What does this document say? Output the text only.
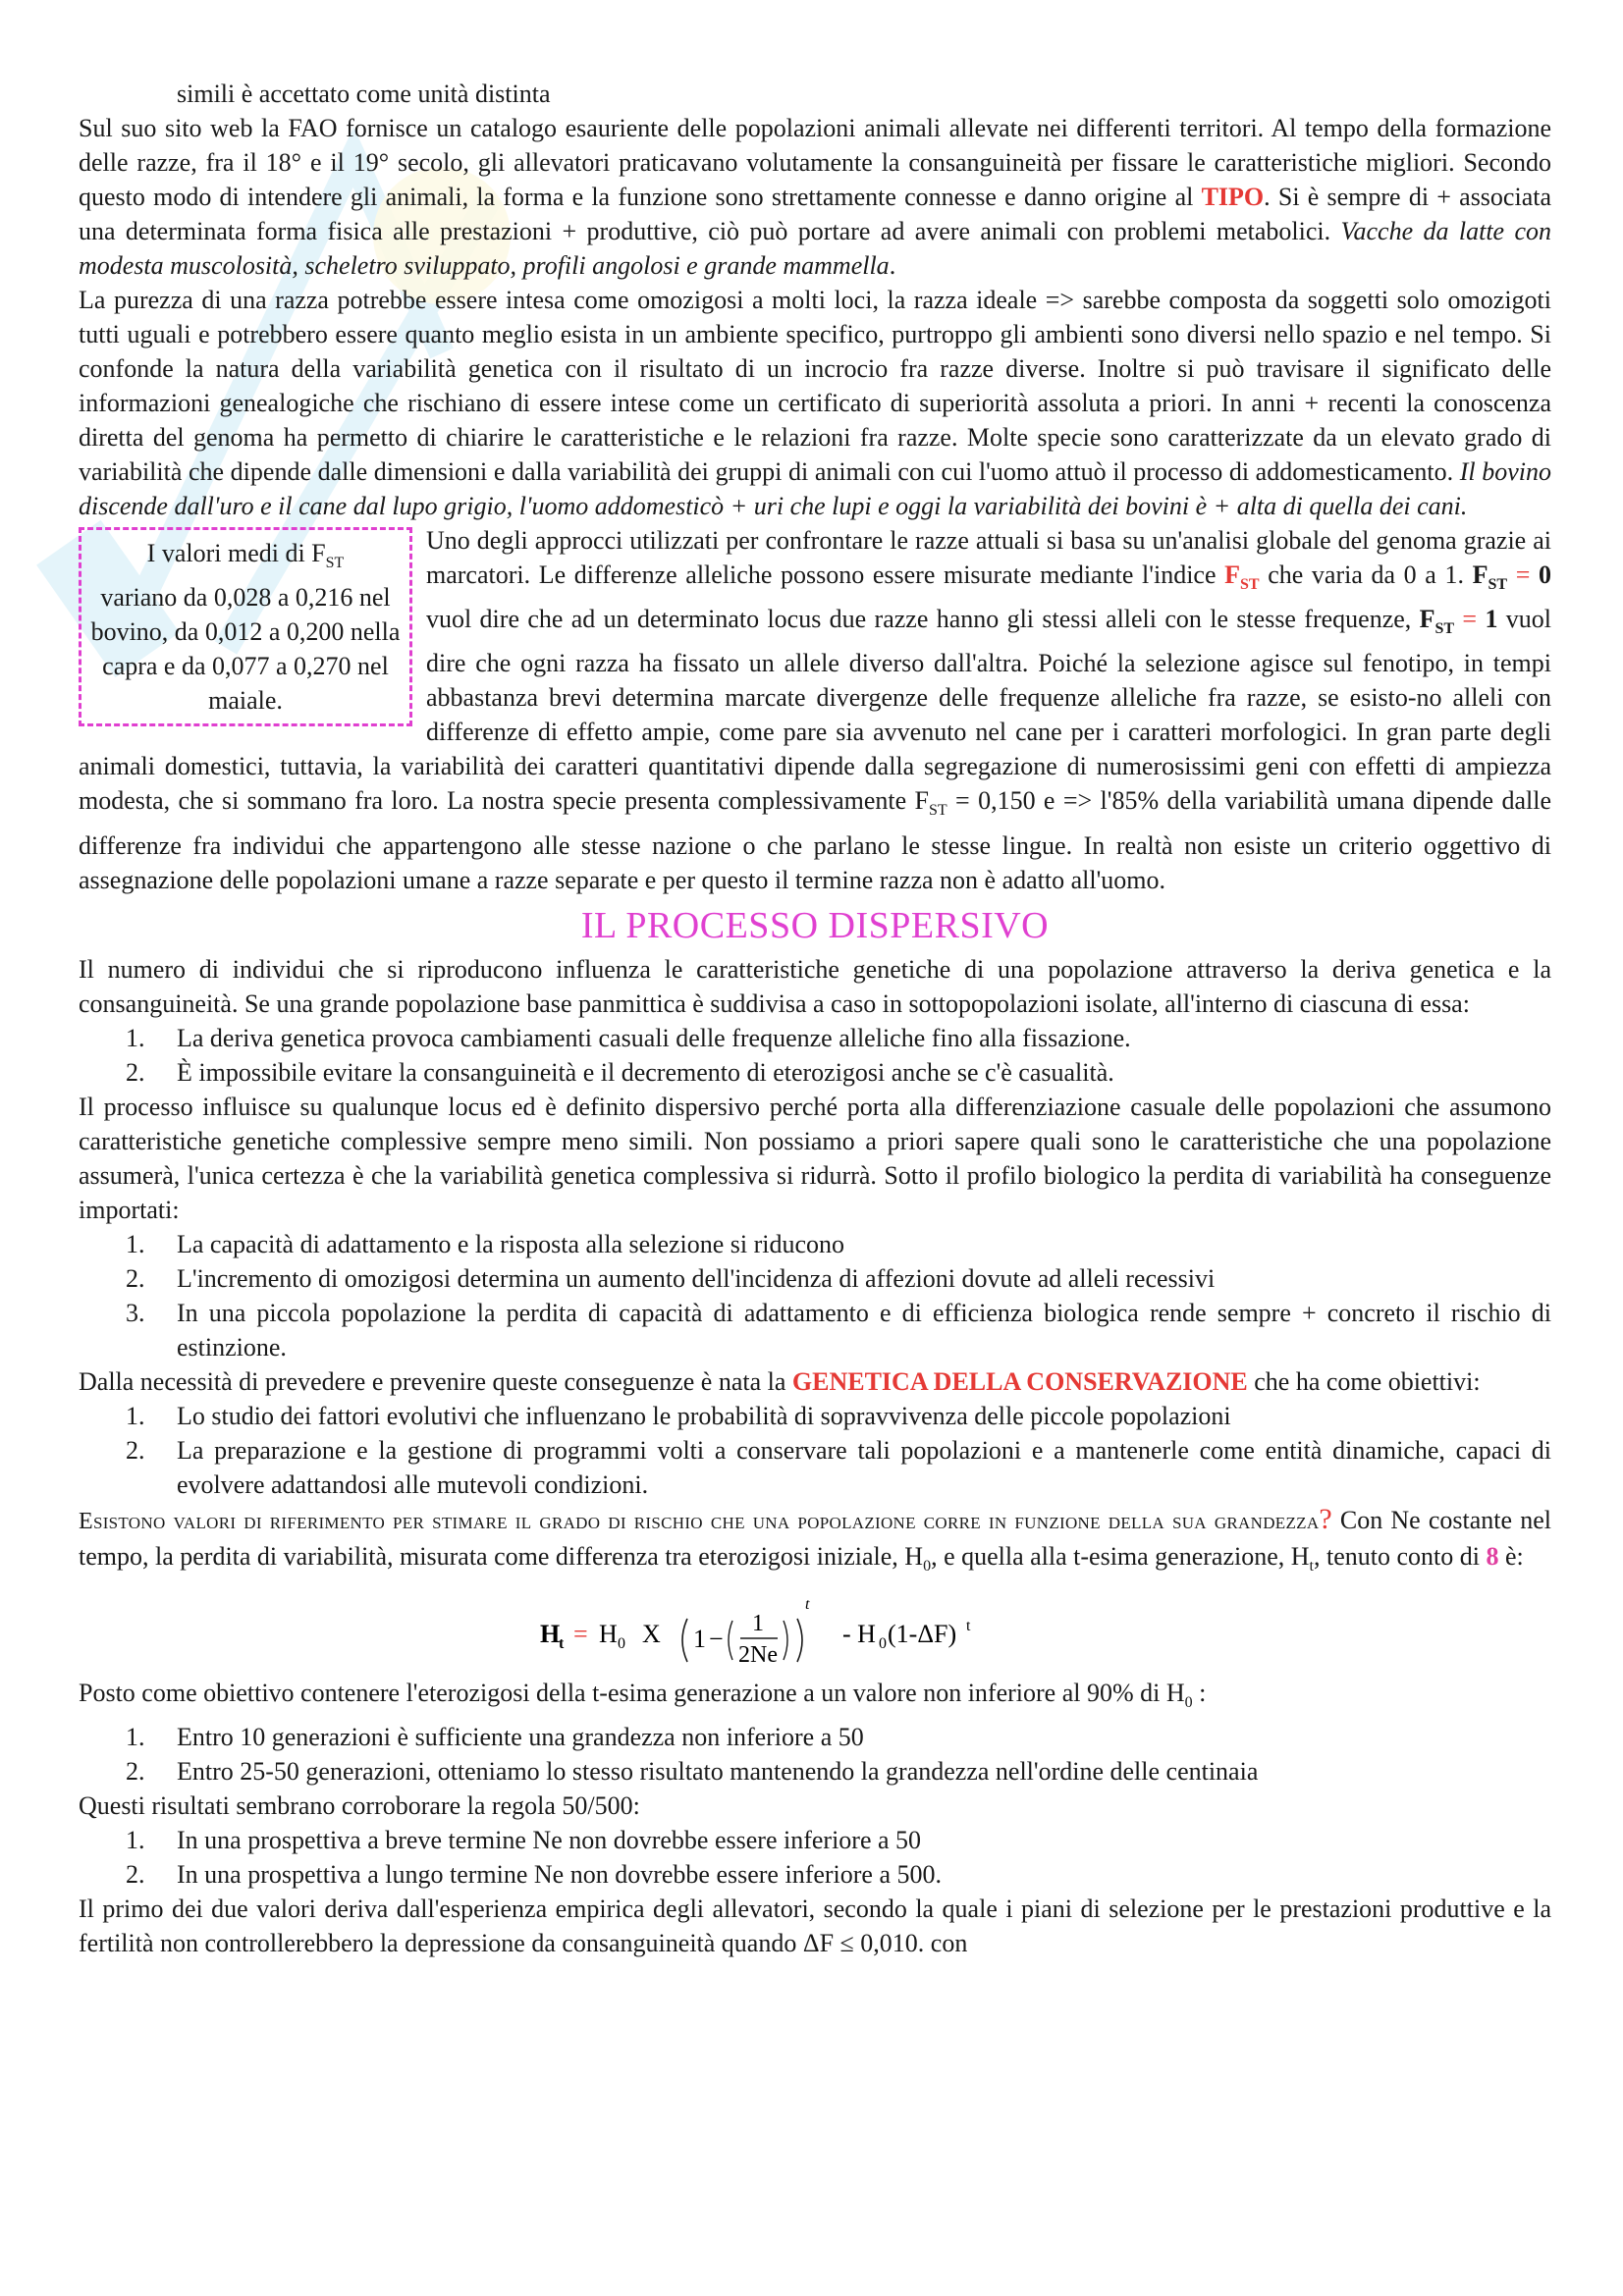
simili è accettato come unità distinta

Sul suo sito web la FAO fornisce un catalogo esauriente delle popolazioni animali allevate nei differenti territori. Al tempo della formazione delle razze, fra il 18° e il 19° secolo, gli allevatori praticavano volutamente la consanguineità per fissare le caratteristiche migliori. Secondo questo modo di intendere gli animali, la forma e la funzione sono strettamente connesse e danno origine al TIPO. Si è sempre di + associata una determinata forma fisica alle prestazioni + produttive, ciò può portare ad avere animali con problemi metabolici. Vacche da latte con modesta muscolosità, scheletro sviluppato, profili angolosi e grande mammella.

La purezza di una razza potrebbe essere intesa come omozigosi a molti loci, la razza ideale => sarebbe composta da soggetti solo omozigoti tutti uguali e potrebbero essere quanto meglio esista in un ambiente specifico, purtroppo gli ambienti sono diversi nello spazio e nel tempo. Si confonde la natura della variabilità genetica con il risultato di un incrocio fra razze diverse. Inoltre si può travisare il significato delle informazioni genealogiche che rischiano di essere intese come un certificato di superiorità assoluta a priori. In anni + recenti la conoscenza diretta del genoma ha permetto di chiarire le caratteristiche e le relazioni fra razze. Molte specie sono caratterizzate da un elevato grado di variabilità che dipende dalle dimensioni e dalla variabilità dei gruppi di animali con cui l'uomo attuò il processo di addomesticamento. Il bovino discende dall'uro e il cane dal lupo grigio, l'uomo addomesticò + uri che lupi e oggi la variabilità dei bovini è + alta di quella dei cani.

I valori medi di $F_{ST}$
variano da 0,028 a 0,216 nel bovino, da 0,012 a 0,200 nella capra e da 0,077 a 0,270 nel maiale.

Uno degli approcci utilizzati per confrontare le razze attuali si basa su un'analisi globale del genoma grazie ai marcatori. Le differenze alleliche possono essere misurate mediante l'indice $F_{ST}$ che varia da 0 a 1. $F_{ST} = 0$ vuol dire che ad un determinato locus due razze hanno gli stessi alleli con le stesse frequenze, $F_{ST} = 1$ vuol dire che ogni razza ha fissato un allele diverso dall'altra. Poiché la selezione agisce sul fenotipo, in tempi abbastanza brevi determina marcate divergenze delle frequenze alleliche fra razze, se esisto-no alleli con differenze di effetto ampie, come pare sia avvenuto nel cane per i caratteri morfologici. In gran parte degli animali domestici, tuttavia, la variabilità dei caratteri quantitativi dipende dalla segregazione di numerosissimi geni con effetti di ampiezza modesta, che si sommano fra loro. La nostra specie presenta complessivamente $F_{ST} = 0,150$ e => l'85% della variabilità umana dipende dalle differenze fra individui che appartengono alle stesse nazione o che parlano le stesse lingue. In realtà non esiste un criterio oggettivo di assegnazione delle popolazioni umane a razze separate e per questo il termine razza non è adatto all'uomo.

IL PROCESSO DISPERSIVO

Il numero di individui che si riproducono influenza le caratteristiche genetiche di una popolazione attraverso la deriva genetica e la consanguineità. Se una grande popolazione base panmittica è suddivisa a caso in sottopopolazioni isolate, all'interno di ciascuna di essa:

1. La deriva genetica provoca cambiamenti casuali delle frequenze alleliche fino alla fissazione.
2. È impossibile evitare la consanguineità e il decremento di eterozigosi anche se c'è casualità.

Il processo influisce su qualunque locus ed è definito dispersivo perché porta alla differenziazione casuale delle popolazioni che assumono caratteristiche genetiche complessive sempre meno simili. Non possiamo a priori sapere quali sono le caratteristiche che una popolazione assumerà, l'unica certezza è che la variabilità genetica complessiva si ridurrà. Sotto il profilo biologico la perdita di variabilità ha conseguenze importati:

1. La capacità di adattamento e la risposta alla selezione si riducono
2. L'incremento di omozigosi determina un aumento dell'incidenza di affezioni dovute ad alleli recessivi
3. In una piccola popolazione la perdita di capacità di adattamento e di efficienza biologica rende sempre + concreto il rischio di estinzione.

Dalla necessità di prevedere e prevenire queste conseguenze è nata la GENETICA DELLA CONSERVAZIONE che ha come obiettivi:

1. Lo studio dei fattori evolutivi che influenzano le probabilità di sopravvivenza delle piccole popolazioni
2. La preparazione e la gestione di programmi volti a conservare tali popolazioni e a mantenerle come entità dinamiche, capaci di evolvere adattandosi alle mutevoli condizioni.

Esistono valori di riferimento per stimare il grado di rischio che una popolazione corre in funzione della sua grandezza? Con Ne costante nel tempo, la perdita di variabilità, misurata come differenza tra eterozigosi iniziale, $H_0$, e quella alla t-esima generazione, $H_t$, tenuto conto di 8 è:

H
t = H 0 X 1 −
1
2Ne
t
- H 0 (1-ΔF) t

Posto come obiettivo contenere l'eterozigosi della t-esima generazione a un valore non inferiore al 90% di $H_0$ :

1. Entro 10 generazioni è sufficiente una grandezza non inferiore a 50
2. Entro 25-50 generazioni, otteniamo lo stesso risultato mantenendo la grandezza nell'ordine delle centinaia

Questi risultati sembrano corroborare la regola 50/500:

1. In una prospettiva a breve termine Ne non dovrebbe essere inferiore a 50
2. In una prospettiva a lungo termine Ne non dovrebbe essere inferiore a 500.

Il primo dei due valori deriva dall'esperienza empirica degli allevatori, secondo la quale i piani di selezione per le prestazioni produttive e la fertilità non controllerebbero la depressione da consanguineità quando ΔF ≤ 0,010. con
